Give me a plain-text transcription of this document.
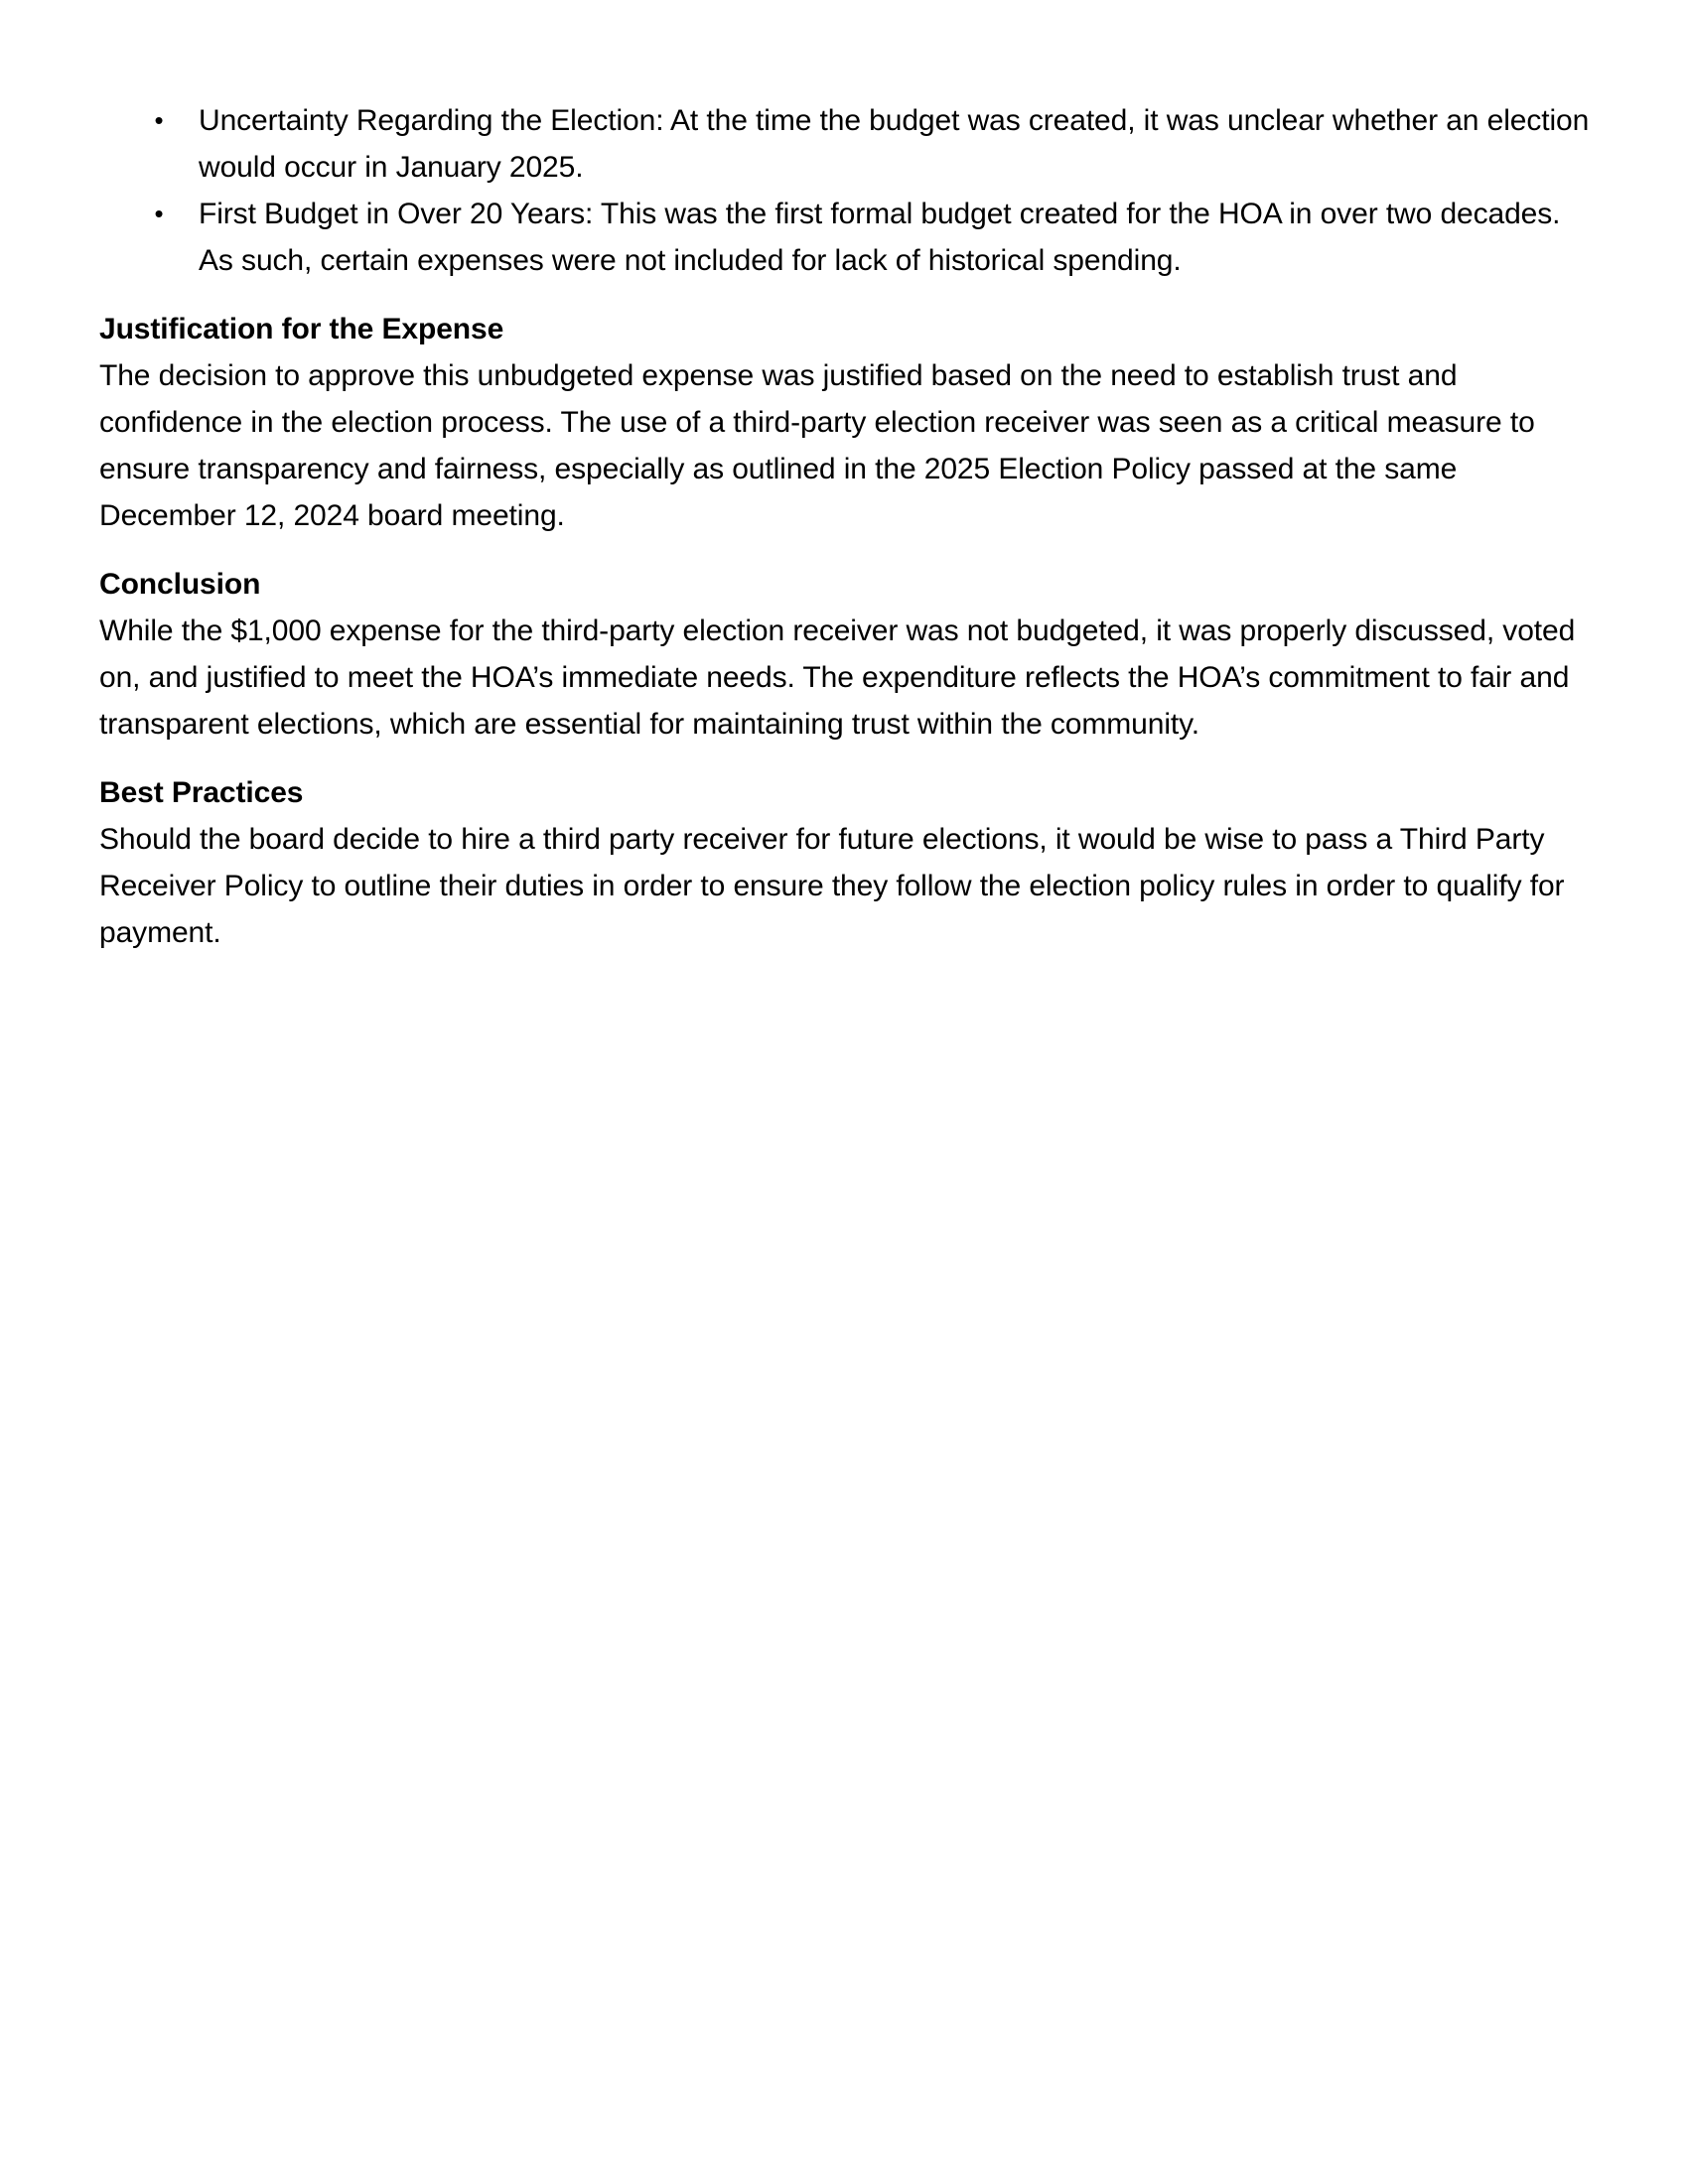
• Uncertainty Regarding the Election: At the time the budget was created, it was unclear whether an election would occur in January 2025.
• First Budget in Over 20 Years: This was the first formal budget created for the HOA in over two decades. As such, certain expenses were not included for lack of historical spending.

Justification for the Expense

The decision to approve this unbudgeted expense was justified based on the need to establish trust and confidence in the election process. The use of a third-party election receiver was seen as a critical measure to ensure transparency and fairness, especially as outlined in the 2025 Election Policy passed at the same December 12, 2024 board meeting.

Conclusion

While the $1,000 expense for the third-party election receiver was not budgeted, it was properly discussed, voted on, and justified to meet the HOA’s immediate needs. The expenditure reflects the HOA’s commitment to fair and transparent elections, which are essential for maintaining trust within the community.

Best Practices

Should the board decide to hire a third party receiver for future elections, it would be wise to pass a Third Party Receiver Policy to outline their duties in order to ensure they follow the election policy rules in order to qualify for payment.
